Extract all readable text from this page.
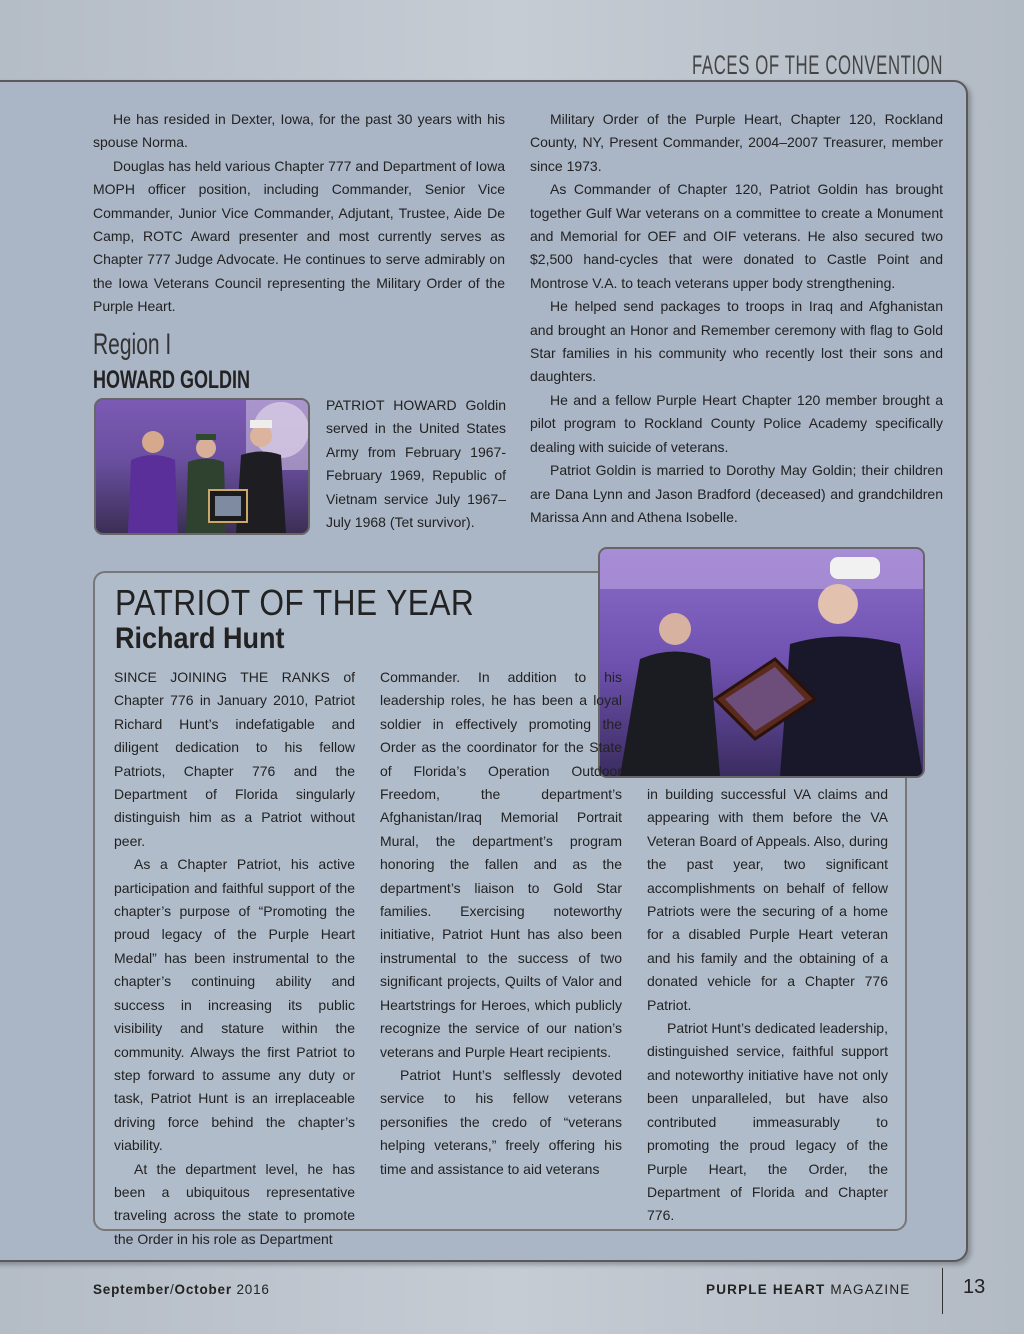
FACES OF THE CONVENTION

He has resided in Dexter, Iowa, for the past 30 years with his spouse Norma.

Douglas has held various Chapter 777 and Department of Iowa MOPH officer position, including Commander, Senior Vice Commander, Junior Vice Commander, Adjutant, Trustee, Aide De Camp, ROTC Award presenter and most currently serves as Chapter 777 Judge Advocate. He continues to serve admirably on the Iowa Veterans Council representing the Military Order of the Purple Heart.

Region I
HOWARD GOLDIN

PATRIOT HOWARD Goldin served in the United States Army from February 1967-February 1969, Republic of Vietnam service July 1967–July 1968 (Tet survivor).

Military Order of the Purple Heart, Chapter 120, Rockland County, NY, Present Commander, 2004–2007 Treasurer, member since 1973.

As Commander of Chapter 120, Patriot Goldin has brought together Gulf War veterans on a committee to create a Monument and Memorial for OEF and OIF veterans. He also secured two $2,500 hand-cycles that were donated to Castle Point and Montrose V.A. to teach veterans upper body strengthening.

He helped send packages to troops in Iraq and Afghanistan and brought an Honor and Remember ceremony with flag to Gold Star families in his community who recently lost their sons and daughters.

He and a fellow Purple Heart Chapter 120 member brought a pilot program to Rockland County Police Academy specifically dealing with suicide of veterans.

Patriot Goldin is married to Dorothy May Goldin; their children are Dana Lynn and Jason Bradford (deceased) and grandchildren Marissa Ann and Athena Isobelle.

PATRIOT OF THE YEAR
Richard Hunt

SINCE JOINING THE RANKS of Chapter 776 in January 2010, Patriot Richard Hunt’s indefatigable and diligent dedication to his fellow Patriots, Chapter 776 and the Department of Florida singularly distinguish him as a Patriot without peer.

As a Chapter Patriot, his active participation and faithful support of the chapter’s purpose of “Promoting the proud legacy of the Purple Heart Medal” has been instrumental to the chapter’s continuing ability and success in increasing its public visibility and stature within the community. Always the first Patriot to step forward to assume any duty or task, Patriot Hunt is an irreplaceable driving force behind the chapter’s viability.

At the department level, he has been a ubiquitous representative traveling across the state to promote the Order in his role as Department

Commander. In addition to his leadership roles, he has been a loyal soldier in effectively promoting the Order as the coordinator for the State of Florida’s Operation Outdoor Freedom, the department’s Afghanistan/Iraq Memorial Portrait Mural, the department’s program honoring the fallen and as the department’s liaison to Gold Star families. Exercising noteworthy initiative, Patriot Hunt has also been instrumental to the success of two significant projects, Quilts of Valor and Heartstrings for Heroes, which publicly recognize the service of our nation’s veterans and Purple Heart recipients.

Patriot Hunt’s selflessly devoted service to his fellow veterans personifies the credo of “veterans helping veterans,” freely offering his time and assistance to aid veterans

in building successful VA claims and appearing with them before the VA Veteran Board of Appeals. Also, during the past year, two significant accomplishments on behalf of fellow Patriots were the securing of a home for a disabled Purple Heart veteran and his family and the obtaining of a donated vehicle for a Chapter 776 Patriot.

Patriot Hunt’s dedicated leadership, distinguished service, faithful support and noteworthy initiative have not only been unparalleled, but have also contributed immeasurably to promoting the proud legacy of the Purple Heart, the Order, the Department of Florida and Chapter 776.

September/October 2016	PURPLE HEART MAGAZINE	13
